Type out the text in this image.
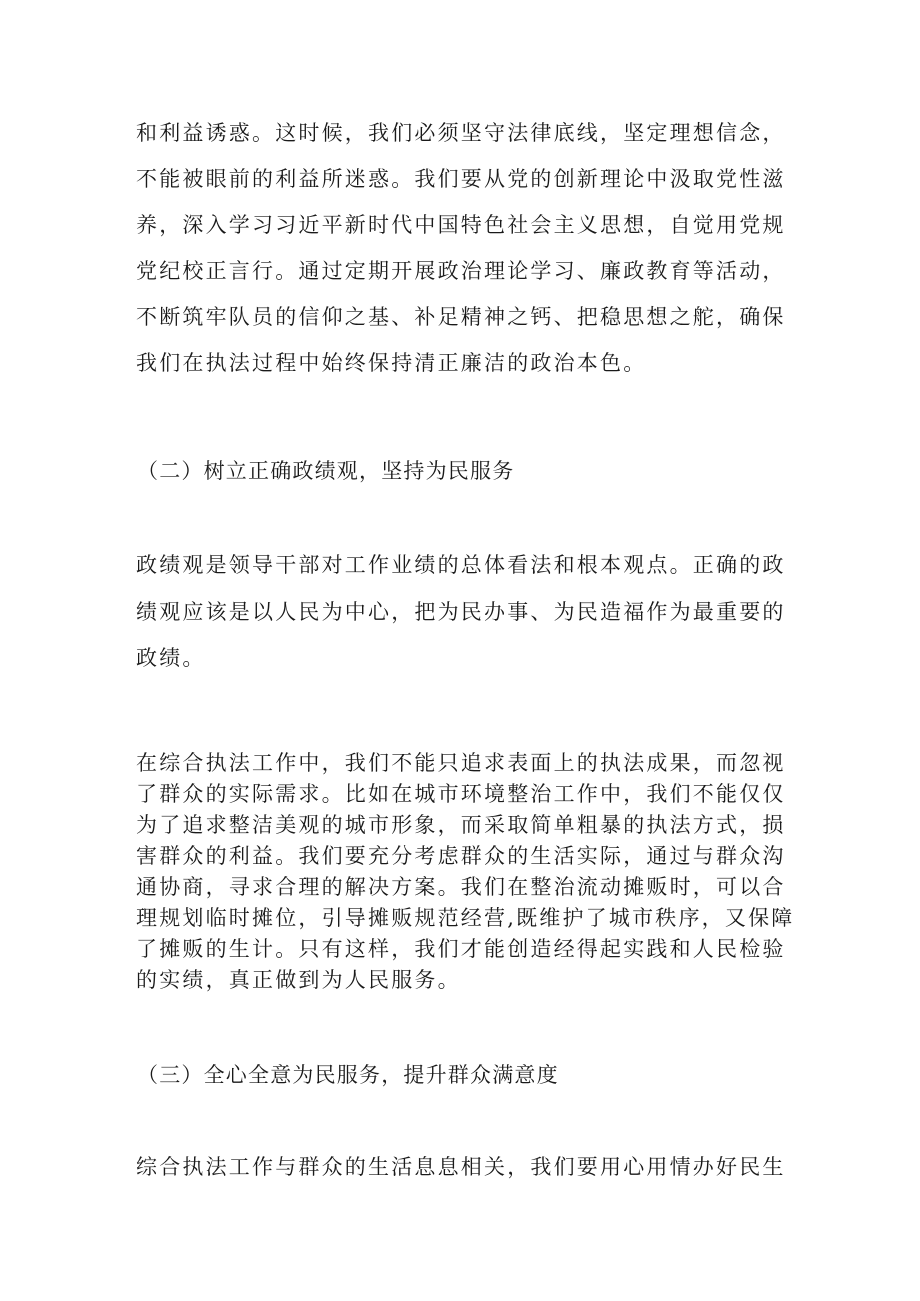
和利益诱惑。这时候，我们必须坚守法律底线，坚定理想信念，
不能被眼前的利益所迷惑。我们要从党的创新理论中汲取党性滋
养，深入学习习近平新时代中国特色社会主义思想，自觉用党规
党纪校正言行。通过定期开展政治理论学习、廉政教育等活动，
不断筑牢队员的信仰之基、补足精神之钙、把稳思想之舵，确保
我们在执法过程中始终保持清正廉洁的政治本色。
（二）树立正确政绩观，坚持为民服务
政绩观是领导干部对工作业绩的总体看法和根本观点。正确的政
绩观应该是以人民为中心，把为民办事、为民造福作为最重要的
政绩。
在综合执法工作中，我们不能只追求表面上的执法成果，而忽视
了群众的实际需求。比如在城市环境整治工作中，我们不能仅仅
为了追求整洁美观的城市形象，而采取简单粗暴的执法方式，损
害群众的利益。我们要充分考虑群众的生活实际，通过与群众沟
通协商，寻求合理的解决方案。我们在整治流动摊贩时，可以合
理规划临时摊位，引导摊贩规范经营,既维护了城市秩序，又保障
了摊贩的生计。只有这样，我们才能创造经得起实践和人民检验
的实绩，真正做到为人民服务。
（三）全心全意为民服务，提升群众满意度
综合执法工作与群众的生活息息相关，我们要用心用情办好民生
